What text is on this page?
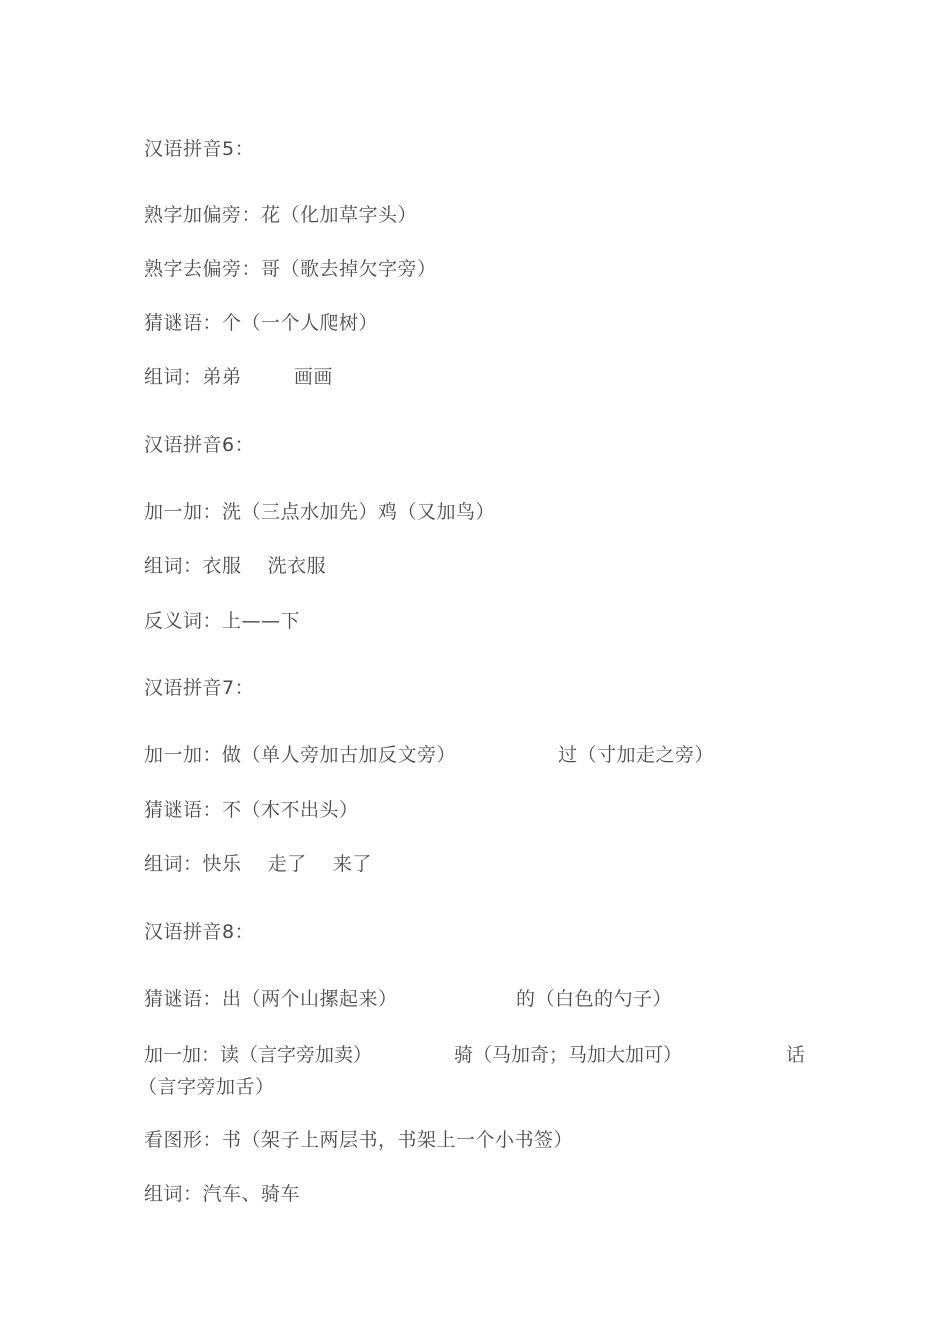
汉语拼音5：
熟字加偏旁：花（化加草字头）
熟字去偏旁：哥（歌去掉欠字旁）
猜谜语：个（一个人爬树）
组词：弟弟        画画
汉语拼音6：
加一加：洗（三点水加先）鸡（又加鸟）
组词：衣服    洗衣服
反义词：上——下
汉语拼音7：
加一加：做（单人旁加古加反文旁）	过（寸加走之旁）
猜谜语：不（木不出头）
组词：快乐    走了    来了
汉语拼音8：
猜谜语：出（两个山摞起来）	的（白色的勺子）
加一加：读（言字旁加卖）	骑（马加奇；马加大加可）	话
（言字旁加舌）
看图形：书（架子上两层书，书架上一个小书签）
组词：汽车、骑车
